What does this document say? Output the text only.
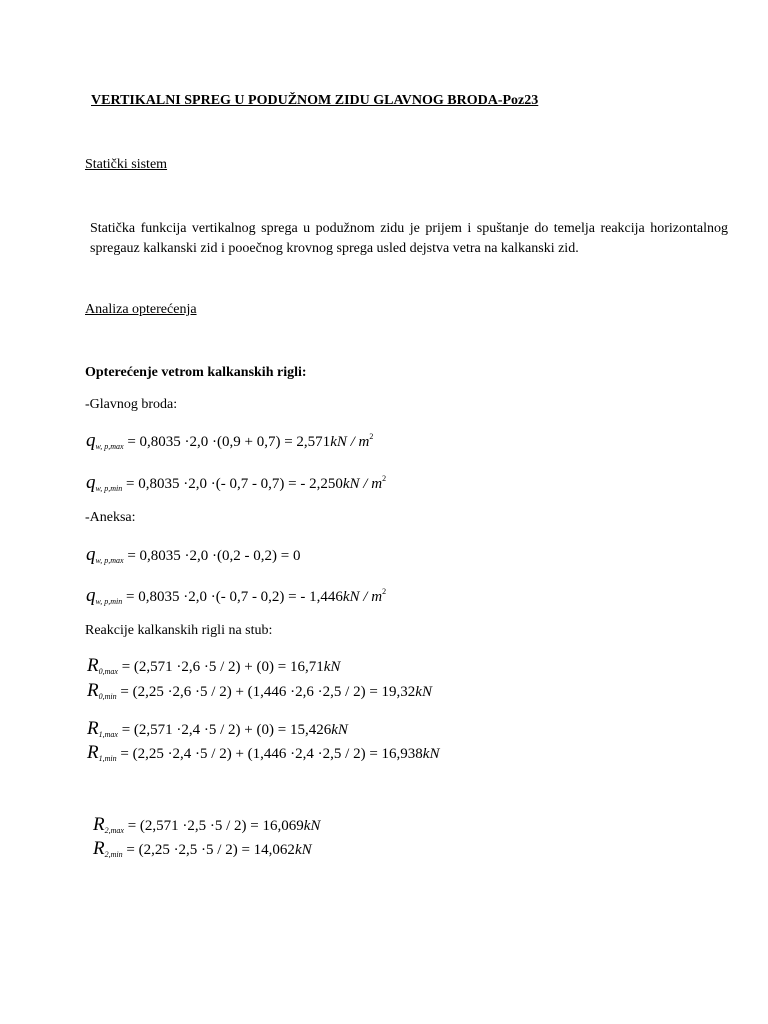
VERTIKALNI SPREG U PODUŽNOM ZIDU GLAVNOG BRODA-Poz23
Statički sistem
Statička funkcija vertikalnog sprega u podužnom zidu je prijem i spuštanje do temelja reakcija horizontalnog spregauz kalkanski zid i pooečnog krovnog sprega usled dejstva vetra na kalkanski zid.
Analiza opterećenja
Opterećenje vetrom kalkanskih rigli:
-Glavnog broda:
$q_{w, p,max} = 0,8035 \cdot 2,0 \cdot(0,9 + 0,7) = 2,571kN / m^2$
$q_{w, p,min} = 0,8035 \cdot 2,0$ ·(- 0,7 - 0,7) = - $2,250kN / m^2$
-Aneksa:
$q_{w, p,max} = 0,8035 \cdot 2,0 \cdot(0,2 - 0,2) = 0$
$q_{w, p,min} = 0,8035 \cdot 2,0$ ·(- 0,7 - 0,2) = - $1,446kN / m^2$
Reakcije kalkanskih rigli na stub:
$R_{0,max} = (2,571 \cdot 2,6 \cdot 5 / 2) + (0) = 16,71kN$
$R_{0,min} = (2,25 \cdot 2,6 \cdot 5 / 2) + (1,446 \cdot 2,6 \cdot 2,5 / 2) = 19,32kN$
$R_{1,max} = (2,571 \cdot 2,4 \cdot 5 / 2) + (0) = 15,426kN$
$R_{1,min} = (2,25 \cdot 2,4 \cdot 5 / 2) + (1,446 \cdot 2,4 \cdot 2,5 / 2) = 16,938kN$
$R_{2,max} = (2,571 \cdot 2,5 \cdot 5 / 2) = 16,069kN$
$R_{2,min} = (2,25 \cdot 2,5 \cdot 5 / 2) = 14,062kN$
